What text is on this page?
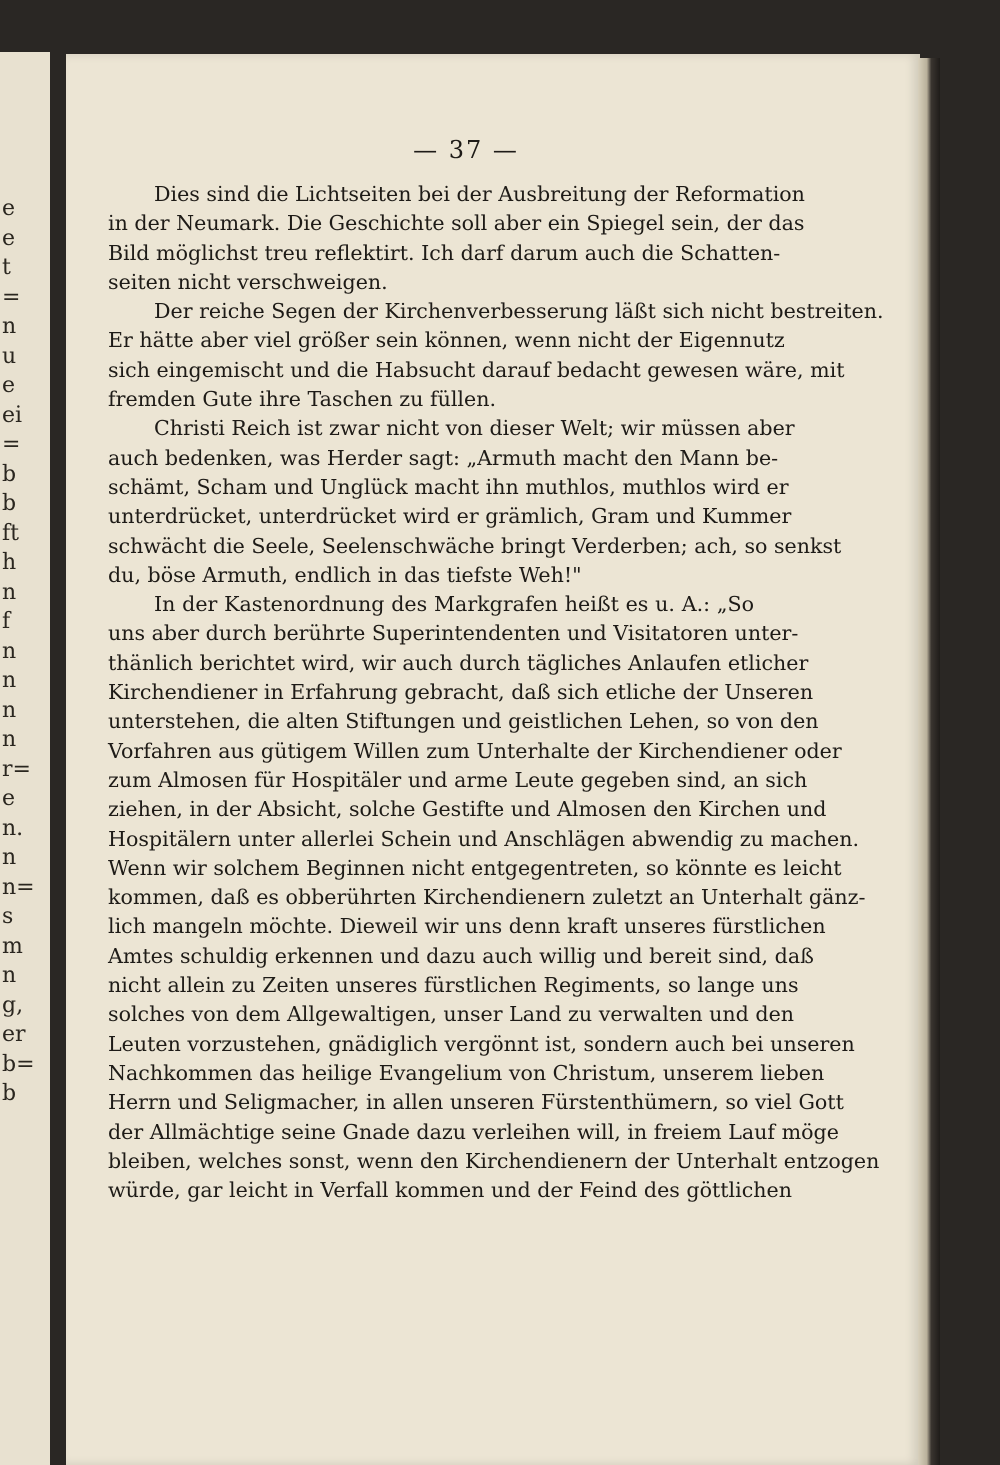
e
e
t
=
n
u
e
ei
=
b
b
ft
h
n
f
n
n
n
n
r=
e
n.
n
n=
s
m
n
g,
er
b=
b
— 37 —
Dies sind die Lichtseiten bei der Ausbreitung der Reformation
in der Neumark. Die Geschichte soll aber ein Spiegel sein, der das
Bild möglichst treu reflektirt. Ich darf darum auch die Schatten-
seiten nicht verschweigen.
Der reiche Segen der Kirchenverbesserung läßt sich nicht bestreiten.
Er hätte aber viel größer sein können, wenn nicht der Eigennutz
sich eingemischt und die Habsucht darauf bedacht gewesen wäre, mit
fremden Gute ihre Taschen zu füllen.
Christi Reich ist zwar nicht von dieser Welt; wir müssen aber
auch bedenken, was Herder sagt: „Armuth macht den Mann be-
schämt, Scham und Unglück macht ihn muthlos, muthlos wird er
unterdrücket, unterdrücket wird er grämlich, Gram und Kummer
schwächt die Seele, Seelenschwäche bringt Verderben; ach, so senkst
du, böse Armuth, endlich in das tiefste Weh!"
In der Kastenordnung des Markgrafen heißt es u. A.: „So
uns aber durch berührte Superintendenten und Visitatoren unter-
thänlich berichtet wird, wir auch durch tägliches Anlaufen etlicher
Kirchendiener in Erfahrung gebracht, daß sich etliche der Unseren
unterstehen, die alten Stiftungen und geistlichen Lehen, so von den
Vorfahren aus gütigem Willen zum Unterhalte der Kirchendiener oder
zum Almosen für Hospitäler und arme Leute gegeben sind, an sich
ziehen, in der Absicht, solche Gestifte und Almosen den Kirchen und
Hospitälern unter allerlei Schein und Anschlägen abwendig zu machen.
Wenn wir solchem Beginnen nicht entgegentreten, so könnte es leicht
kommen, daß es obberührten Kirchendienern zuletzt an Unterhalt gänz-
lich mangeln möchte. Dieweil wir uns denn kraft unseres fürstlichen
Amtes schuldig erkennen und dazu auch willig und bereit sind, daß
nicht allein zu Zeiten unseres fürstlichen Regiments, so lange uns
solches von dem Allgewaltigen, unser Land zu verwalten und den
Leuten vorzustehen, gnädiglich vergönnt ist, sondern auch bei unseren
Nachkommen das heilige Evangelium von Christum, unserem lieben
Herrn und Seligmacher, in allen unseren Fürstenthümern, so viel Gott
der Allmächtige seine Gnade dazu verleihen will, in freiem Lauf möge
bleiben, welches sonst, wenn den Kirchendienern der Unterhalt entzogen
würde, gar leicht in Verfall kommen und der Feind des göttlichen
